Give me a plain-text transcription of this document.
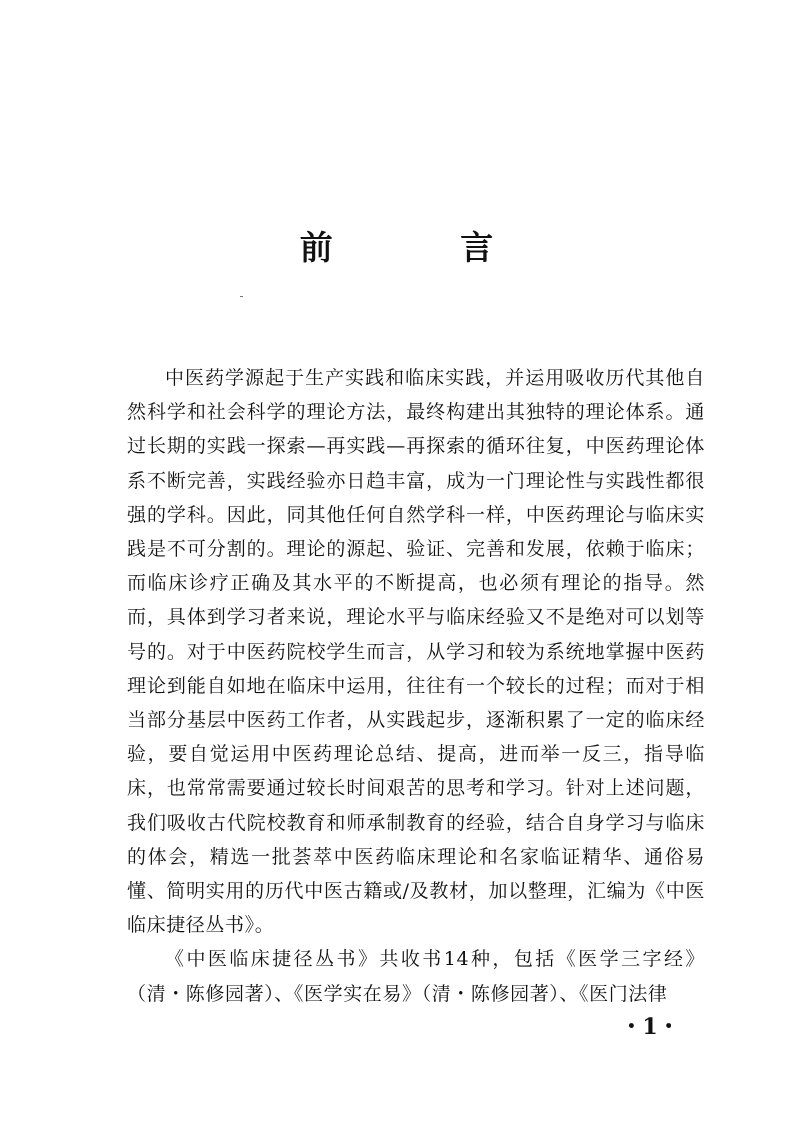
前 言

中医药学源起于生产实践和临床实践，并运用吸收历代其他自然科学和社会科学的理论方法，最终构建出其独特的理论体系。通过长期的实践一探索—再实践—再探索的循环往复，中医药理论体系不断完善，实践经验亦日趋丰富，成为一门理论性与实践性都很强的学科。因此，同其他任何自然学科一样，中医药理论与临床实践是不可分割的。理论的源起、验证、完善和发展，依赖于临床；而临床诊疗正确及其水平的不断提高，也必须有理论的指导。然而，具体到学习者来说，理论水平与临床经验又不是绝对可以划等号的。对于中医药院校学生而言，从学习和较为系统地掌握中医药理论到能自如地在临床中运用，往往有一个较长的过程；而对于相当部分基层中医药工作者，从实践起步，逐渐积累了一定的临床经验，要自觉运用中医药理论总结、提高，进而举一反三，指导临床，也常常需要通过较长时间艰苦的思考和学习。针对上述问题，我们吸收古代院校教育和师承制教育的经验，结合自身学习与临床的体会，精选一批荟萃中医药临床理论和名家临证精华、通俗易懂、简明实用的历代中医古籍或/及教材，加以整理，汇编为《中医临床捷径丛书》。

《中医临床捷径丛书》共收书14种，包括《医学三字经》（清・陈修园著）、《医学实在易》（清・陈修园著）、《医门法律

・1・
